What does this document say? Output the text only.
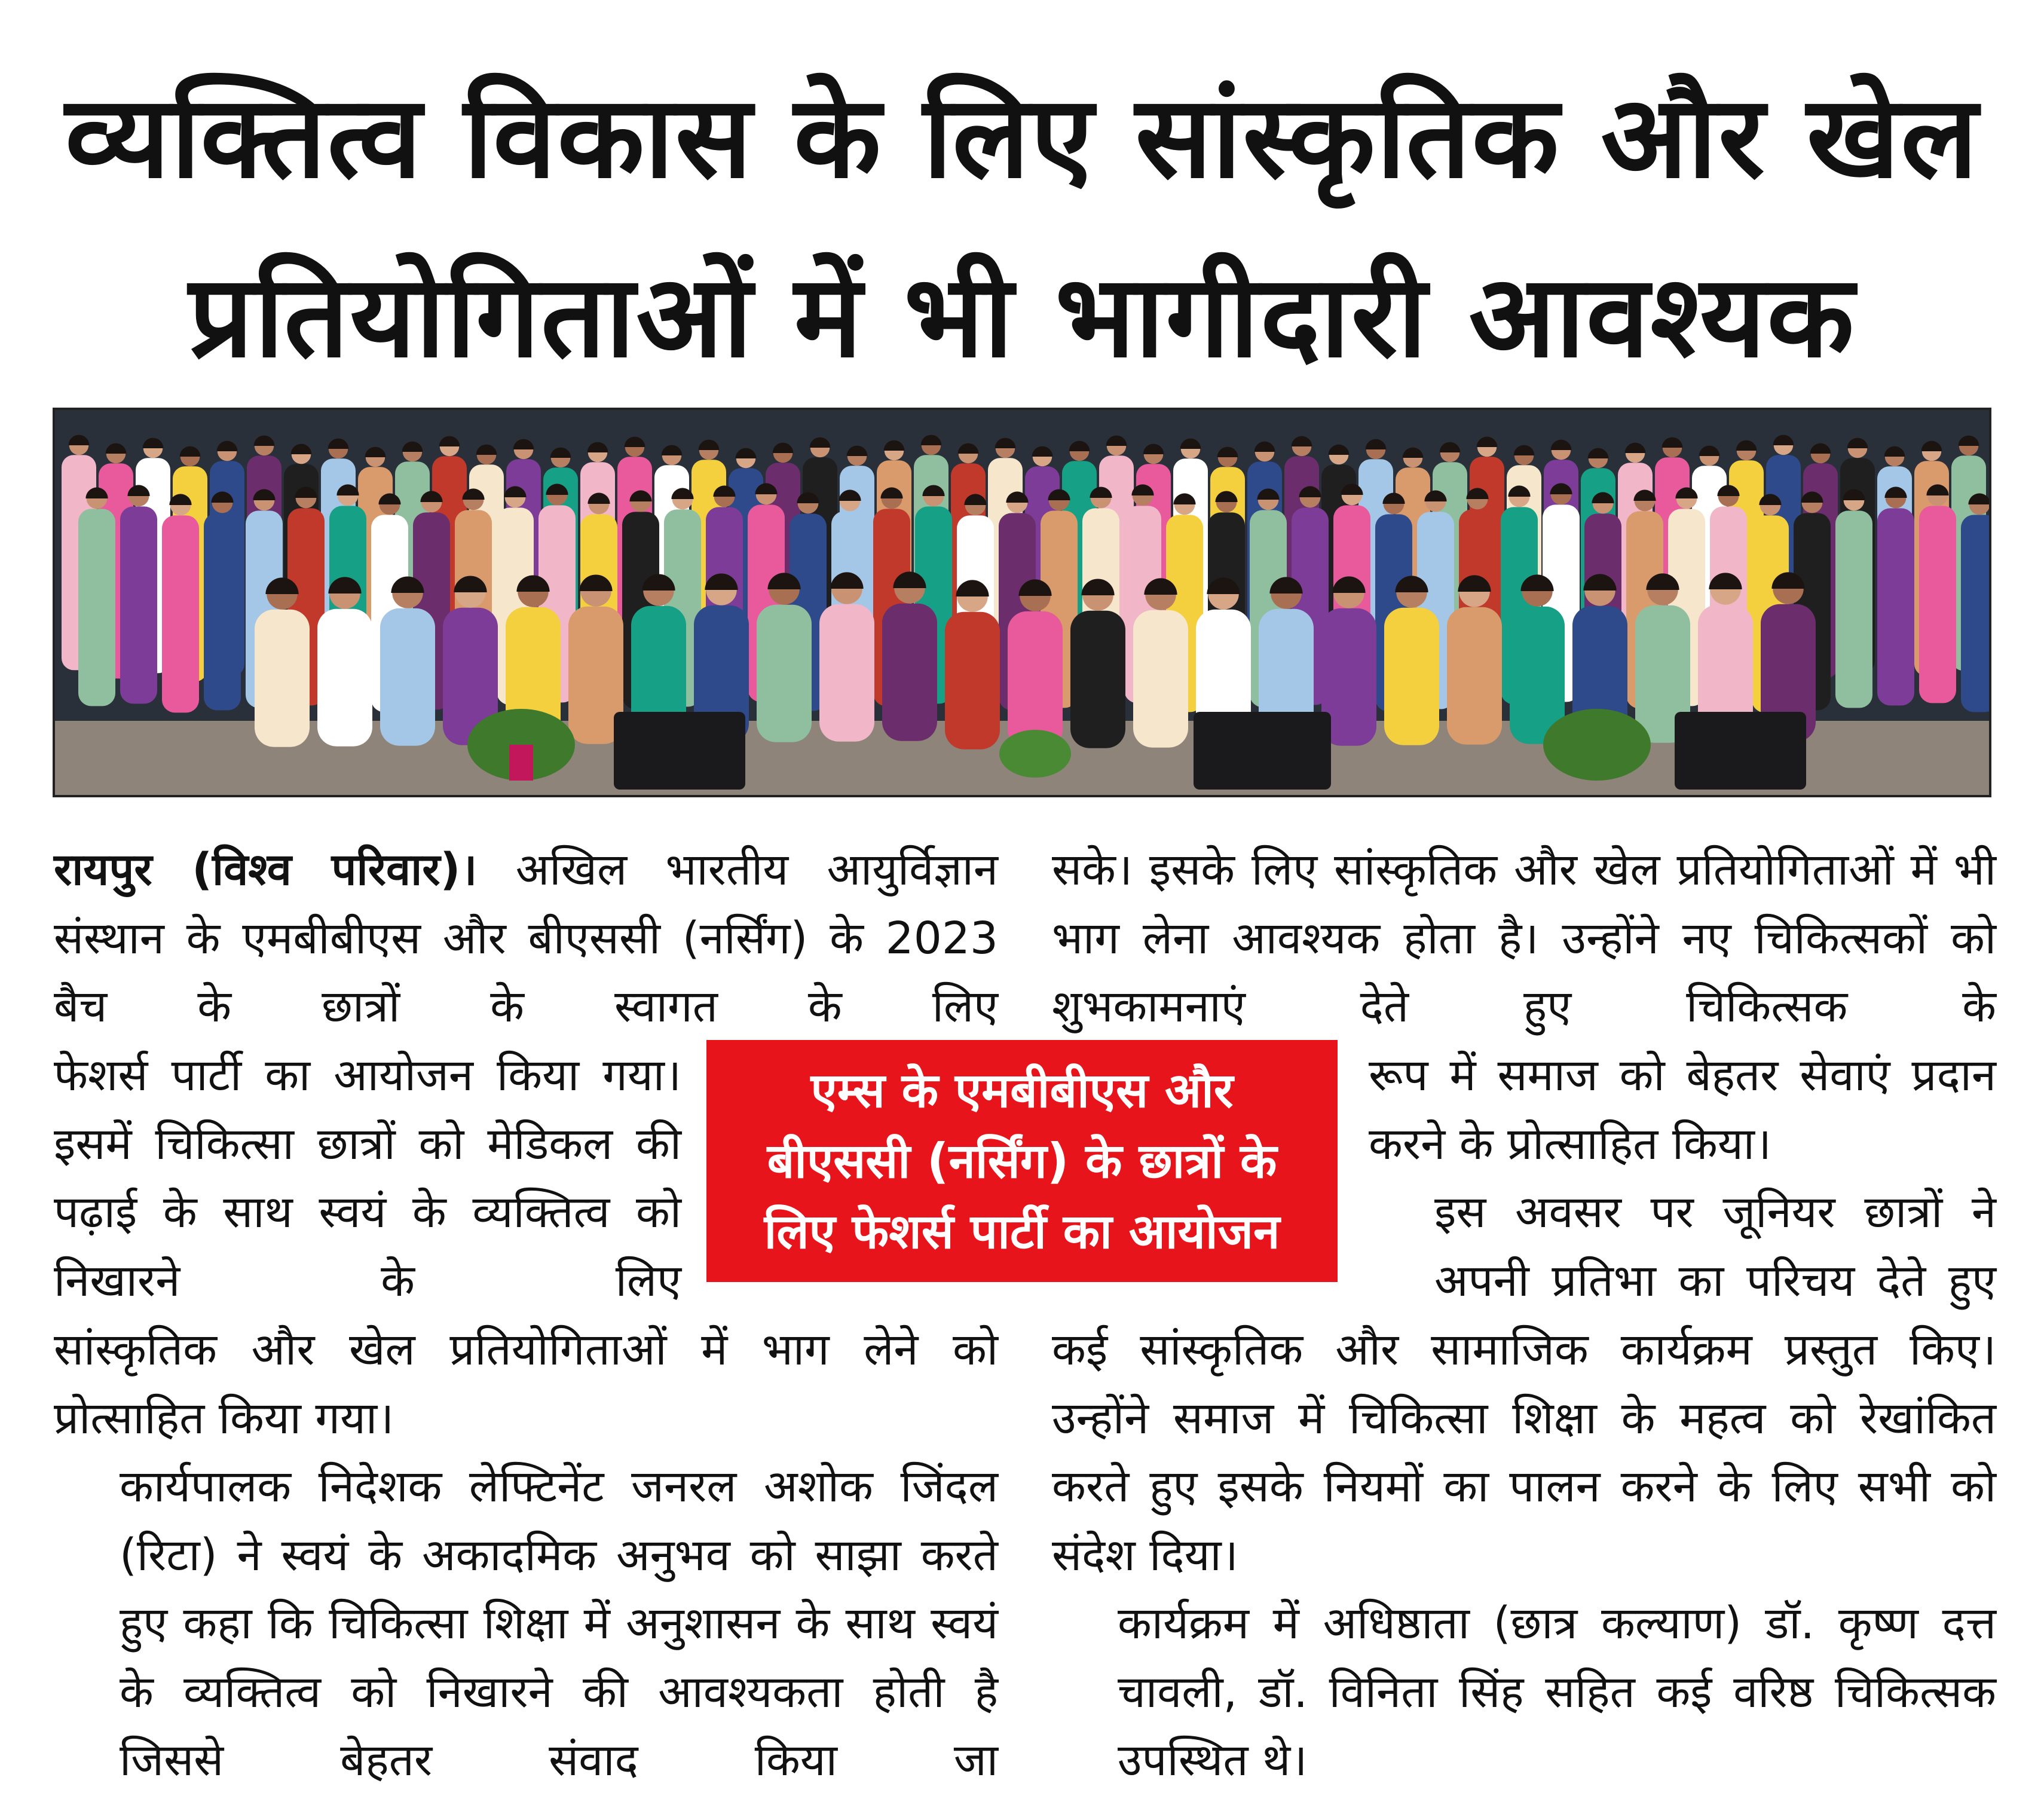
व्यक्तित्व विकास के लिए सांस्कृतिक और खेल
प्रतियोगिताओं में भी भागीदारी आवश्यक

रायपुर (विश्व परिवार)। अखिल भारतीय आयुर्विज्ञान संस्थान के एमबीबीएस और बीएससी (नर्सिंग) के 2023 बैच के छात्रों के स्वागत के लिए

फेशर्स पार्टी का आयोजन किया गया। इसमें चिकित्सा छात्रों को मेडिकल की पढ़ाई के साथ स्वयं के व्यक्तित्व को निखारने के लिए

सांस्कृतिक और खेल प्रतियोगिताओं में भाग लेने को प्रोत्साहित किया गया।

कार्यपालक निदेशक लेफ्टिनेंट जनरल अशोक जिंदल (रिटा) ने स्वयं के अकादमिक अनुभव को साझा करते हुए कहा कि चिकित्सा शिक्षा में अनुशासन के साथ स्वयं के व्यक्तित्व को निखारने की आवश्यकता होती है जिससे बेहतर संवाद किया जा

सके। इसके लिए सांस्कृतिक और खेल प्रतियोगिताओं में भी भाग लेना आवश्यक होता है। उन्होंने नए चिकित्सकों को शुभकामनाएं देते हुए चिकित्सक के

रूप में समाज को बेहतर सेवाएं प्रदान करने के प्रोत्साहित किया।

इस अवसर पर जूनियर छात्रों ने अपनी प्रतिभा का परिचय देते हुए

कई सांस्कृतिक और सामाजिक कार्यक्रम प्रस्तुत किए। उन्होंने समाज में चिकित्सा शिक्षा के महत्व को रेखांकित करते हुए इसके नियमों का पालन करने के लिए सभी को संदेश दिया।

कार्यक्रम में अधिष्ठाता (छात्र कल्याण) डॉ. कृष्ण दत्त चावली, डॉ. विनिता सिंह सहित कई वरिष्ठ चिकित्सक उपस्थित थे।

एम्स के एमबीबीएस और
बीएससी (नर्सिंग) के छात्रों के
लिए फेशर्स पार्टी का आयोजन
